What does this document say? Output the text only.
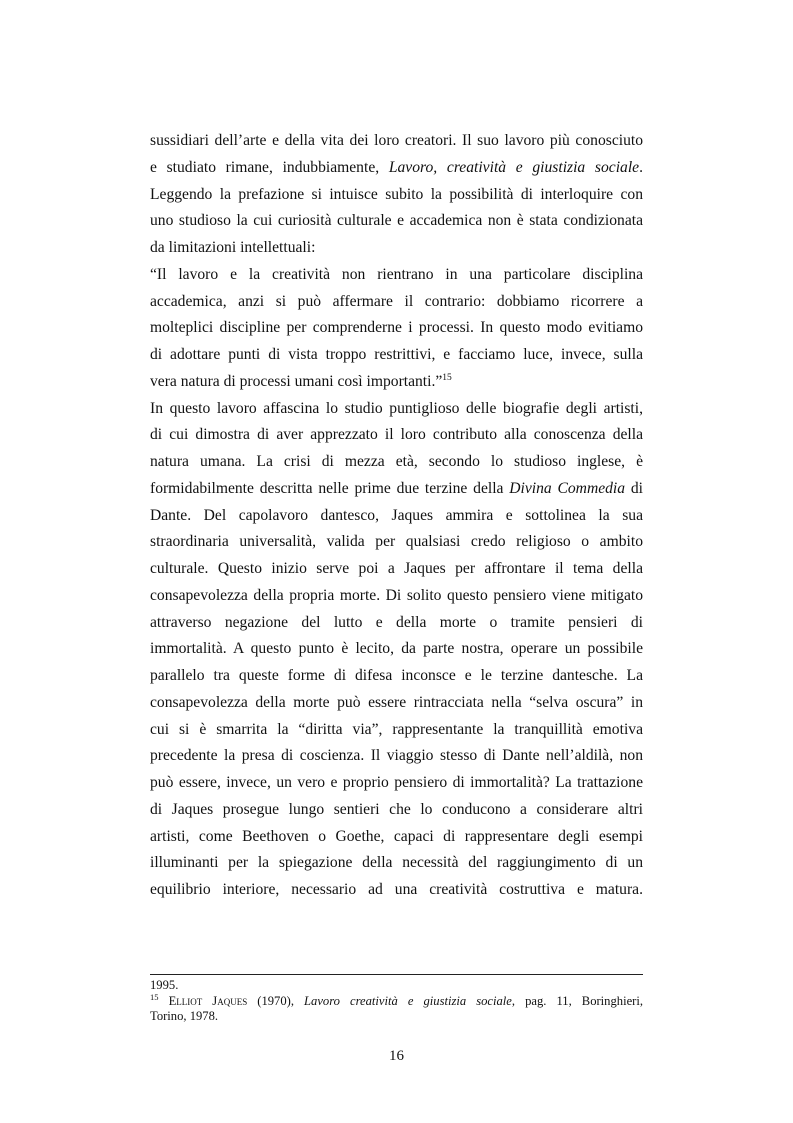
sussidiari dell’arte e della vita dei loro creatori. Il suo lavoro più conosciuto
e studiato rimane, indubbiamente, Lavoro, creatività e giustizia sociale.
Leggendo la prefazione si intuisce subito la possibilità di interloquire con
uno studioso la cui curiosità culturale e accademica non è stata condizionata
da limitazioni intellettuali:
“Il lavoro e la creatività non rientrano in una particolare disciplina
accademica, anzi si può affermare il contrario: dobbiamo ricorrere a
molteplici discipline per comprenderne i processi. In questo modo evitiamo
di adottare punti di vista troppo restrittivi, e facciamo luce, invece, sulla
vera natura di processi umani così importanti.”$^{15}$
In questo lavoro affascina lo studio puntiglioso delle biografie degli artisti,
di cui dimostra di aver apprezzato il loro contributo alla conoscenza della
natura umana. La crisi di mezza età, secondo lo studioso inglese, è
formidabilmente descritta nelle prime due terzine della Divina Commedia di
Dante. Del capolavoro dantesco, Jaques ammira e sottolinea la sua
straordinaria universalità, valida per qualsiasi credo religioso o ambito
culturale. Questo inizio serve poi a Jaques per affrontare il tema della
consapevolezza della propria morte. Di solito questo pensiero viene mitigato
attraverso negazione del lutto e della morte o tramite pensieri di
immortalità. A questo punto è lecito, da parte nostra, operare un possibile
parallelo tra queste forme di difesa inconsce e le terzine dantesche. La
consapevolezza della morte può essere rintracciata nella “selva oscura” in
cui si è smarrita la “diritta via”, rappresentante la tranquillità emotiva
precedente la presa di coscienza. Il viaggio stesso di Dante nell’aldilà, non
può essere, invece, un vero e proprio pensiero di immortalità? La trattazione
di Jaques prosegue lungo sentieri che lo conducono a considerare altri
artisti, come Beethoven o Goethe, capaci di rappresentare degli esempi
illuminanti per la spiegazione della necessità del raggiungimento di un
equilibrio interiore, necessario ad una creatività costruttiva e matura.
1995.
$^{15}$ Elliot Jaques (1970), Lavoro creatività e giustizia sociale, pag. 11, Boringhieri,
Torino, 1978.
16
